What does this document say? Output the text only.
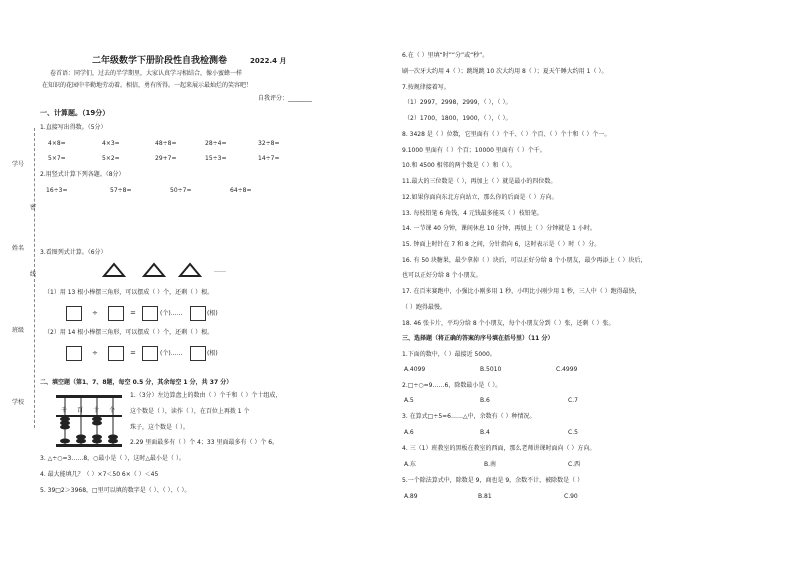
学号
密
姓名
线
班级
学校
二年级数学下册阶段性自我检测卷	2022.4 月
卷首语：同学们，过去的半学期里，大家认真学习相结合，像小蜜蜂一样
在知识的花园中辛勤地劳动着。相信，勇有所得。一起来展示最灿烂的笑容吧！
自我评分：________
一、计算题。（19分）
1.直接写出得数。（5分）
4×8=	4×3=	48÷8=	28÷4=	32÷8=
5×7=	5×2=	29+7=	15÷3=	14÷7=
2.用竖式计算下列各题。（8分）
16÷3=	57÷8=	50÷7=	64÷8=
3.看图列式计算。（6分）
……
（1）用 13 根小棒摆三角形，可以摆成（ ）个，还剩（ ）根。
÷	=	(个)……	(根)
（2）用 14 根小棒摆三角形，可以摆成（ ）个，还剩（ ）根。
÷	=	(个)……	(根)
二、填空题（第1、7、8题，每空 0.5 分，其余每空 1 分，共 37 分）
千 百 十 个
1.（3分）左边算盘上的数由（ ）个千和（ ）个十组成，
这个数是（ ），读作（ ），在百位上再拨 1 个
珠子，这个数是（ ）。
2.29 里面最多有（ ）个 4；33 里面最多有（ ）个 6。
3. △÷○=3……8，○最小是（ ），这时△最小是（ ）。
4. 最大能填几？（ ）×7＜50 6×（ ）＜45
5. 39□2＞3968，□里可以填的数字是（ ）、（ ）、（ ）。
6.在（ ）里填“时”“分”或“秒”。
刷一次牙大约用 4（ ）；跳绳跳 10 次大约用 8（ ）；夏天午睡大约用 1（ ）。
7.按规律接着写。
（1）2997，2998，2999，（ ），（ ）。
（2）1700，1800，1900，（ ），（ ）。
8. 3428 是（ ）位数，它里面有（ ）个千、（ ）个百、（ ）个十和（ ）个一。
9.1000 里面有（ ）个百；10000 里面有（ ）个千。
10.和 4500 相邻的两个数是（ ）和（ ）。
11.最大的三位数是（ ），再加上（ ）就是最小的四位数。
12.如果你面向东北方向站立，那么你的后面是（ ）方向。
13. 每枝铅笔 6 角钱，4 元钱最多能买（ ）枝铅笔。
14. 一节课 40 分钟，课间休息 10 分钟，再加上（ ）分钟就是 1 小时。
15. 钟面上时针在 7 和 8 之间，分针指向 6，这时表示是（ ）时（ ）分。
16. 有 50 块糖果，最少拿掉（ ）块后，可以正好分给 8 个小朋友，最少再添上（ ）块后，
也可以正好分给 8 个小朋友。
17. 在百米赛跑中，小强比小刚多用 1 秒，小明比小刚少用 1 秒，三人中（ ）跑得最快，
（ ）跑得最慢。
18. 46 张卡片，平均分给 8 个小朋友，每个小朋友分到（ ）张，还剩（ ）张。
三、选择题（将正确的答案的序号填在括号里）（11 分）
1.下面的数中，（ ）最接近 5000。
A.4099	B.5010	C.4999
2.□÷○=9……6，除数最小是（ ）。
A.5	B.6	C.7
3. 在算式□÷5=6……△中，余数有（ ）种情况。
A.6	B.4	C.5
4. 三（1）班教室的黑板在教室的西面，那么老师讲课时面向（ ）方向。
A.东	B.南	C.西
5.一个除法算式中，除数是 9，商也是 9，余数不计，被除数是（ ）
A.89	B.81	C.90
